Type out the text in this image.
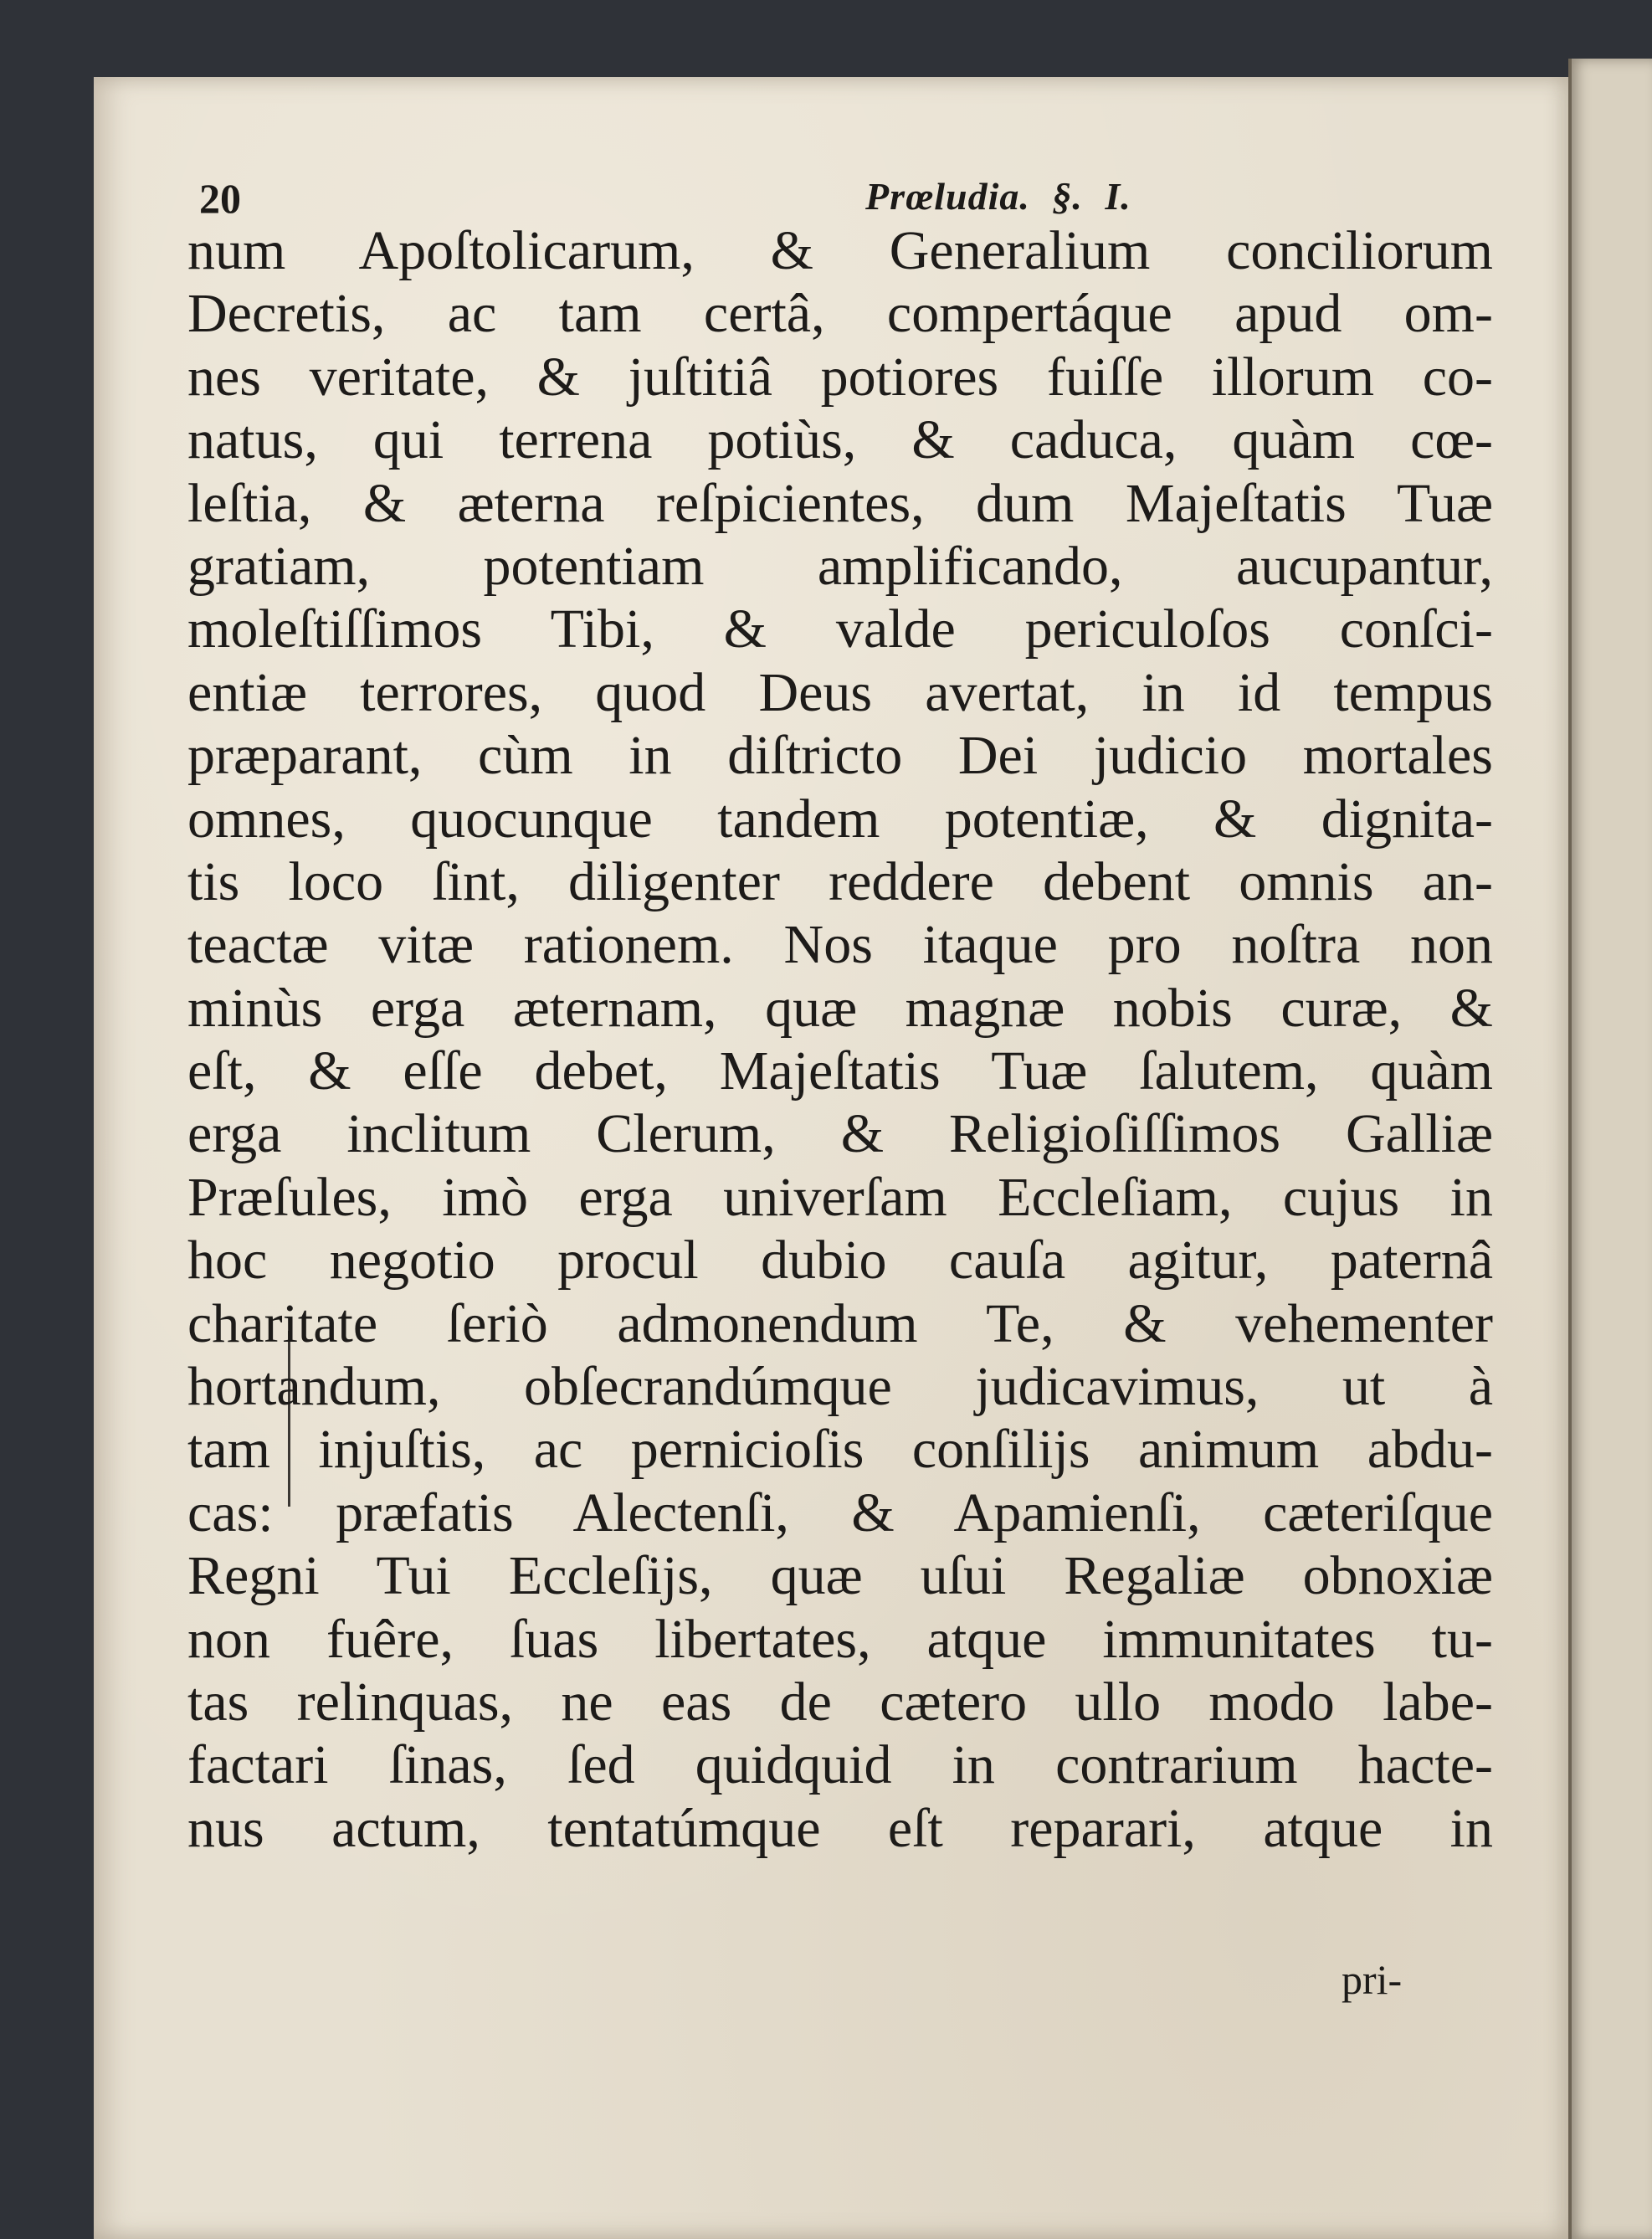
20	Prœludia. §. I.
num Apoſtolicarum, & Generalium conciliorum
Decretis, ac tam certâ, compertáque apud om-
nes veritate, & juſtitiâ potiores fuiſſe illorum co-
natus, qui terrena potiùs, & caduca, quàm cœ-
leſtia, & æterna reſpicientes, dum Majeſtatis Tuæ
gratiam, potentiam amplificando, aucupantur,
moleſtiſſimos Tibi, & valde periculoſos conſci-
entiæ terrores, quod Deus avertat, in id tempus
præparant, cùm in diſtricto Dei judicio mortales
omnes, quocunque tandem potentiæ, & dignita-
tis loco ſint, diligenter reddere debent omnis an-
teactæ vitæ rationem. Nos itaque pro noſtra non
minùs erga æternam, quæ magnæ nobis curæ, &
eſt, & eſſe debet, Majeſtatis Tuæ ſalutem, quàm
erga inclitum Clerum, & Religioſiſſimos Galliæ
Præſules, imò erga univerſam Eccleſiam, cujus in
hoc negotio procul dubio cauſa agitur, paternâ
charitate ſeriò admonendum Te, & vehementer
hortandum, obſecrandúmque judicavimus, ut à
tam injuſtis, ac pernicioſis conſilijs animum abdu-
cas: præfatis Alectenſi, & Apamienſi, cæteriſque
Regni Tui Eccleſijs, quæ uſui Regaliæ obnoxiæ
non fuêre, ſuas libertates, atque immunitates tu-
tas relinquas, ne eas de cætero ullo modo labe-
factari ſinas, ſed quidquid in contrarium hacte-
nus actum, tentatúmque eſt reparari, atque in
pri-
